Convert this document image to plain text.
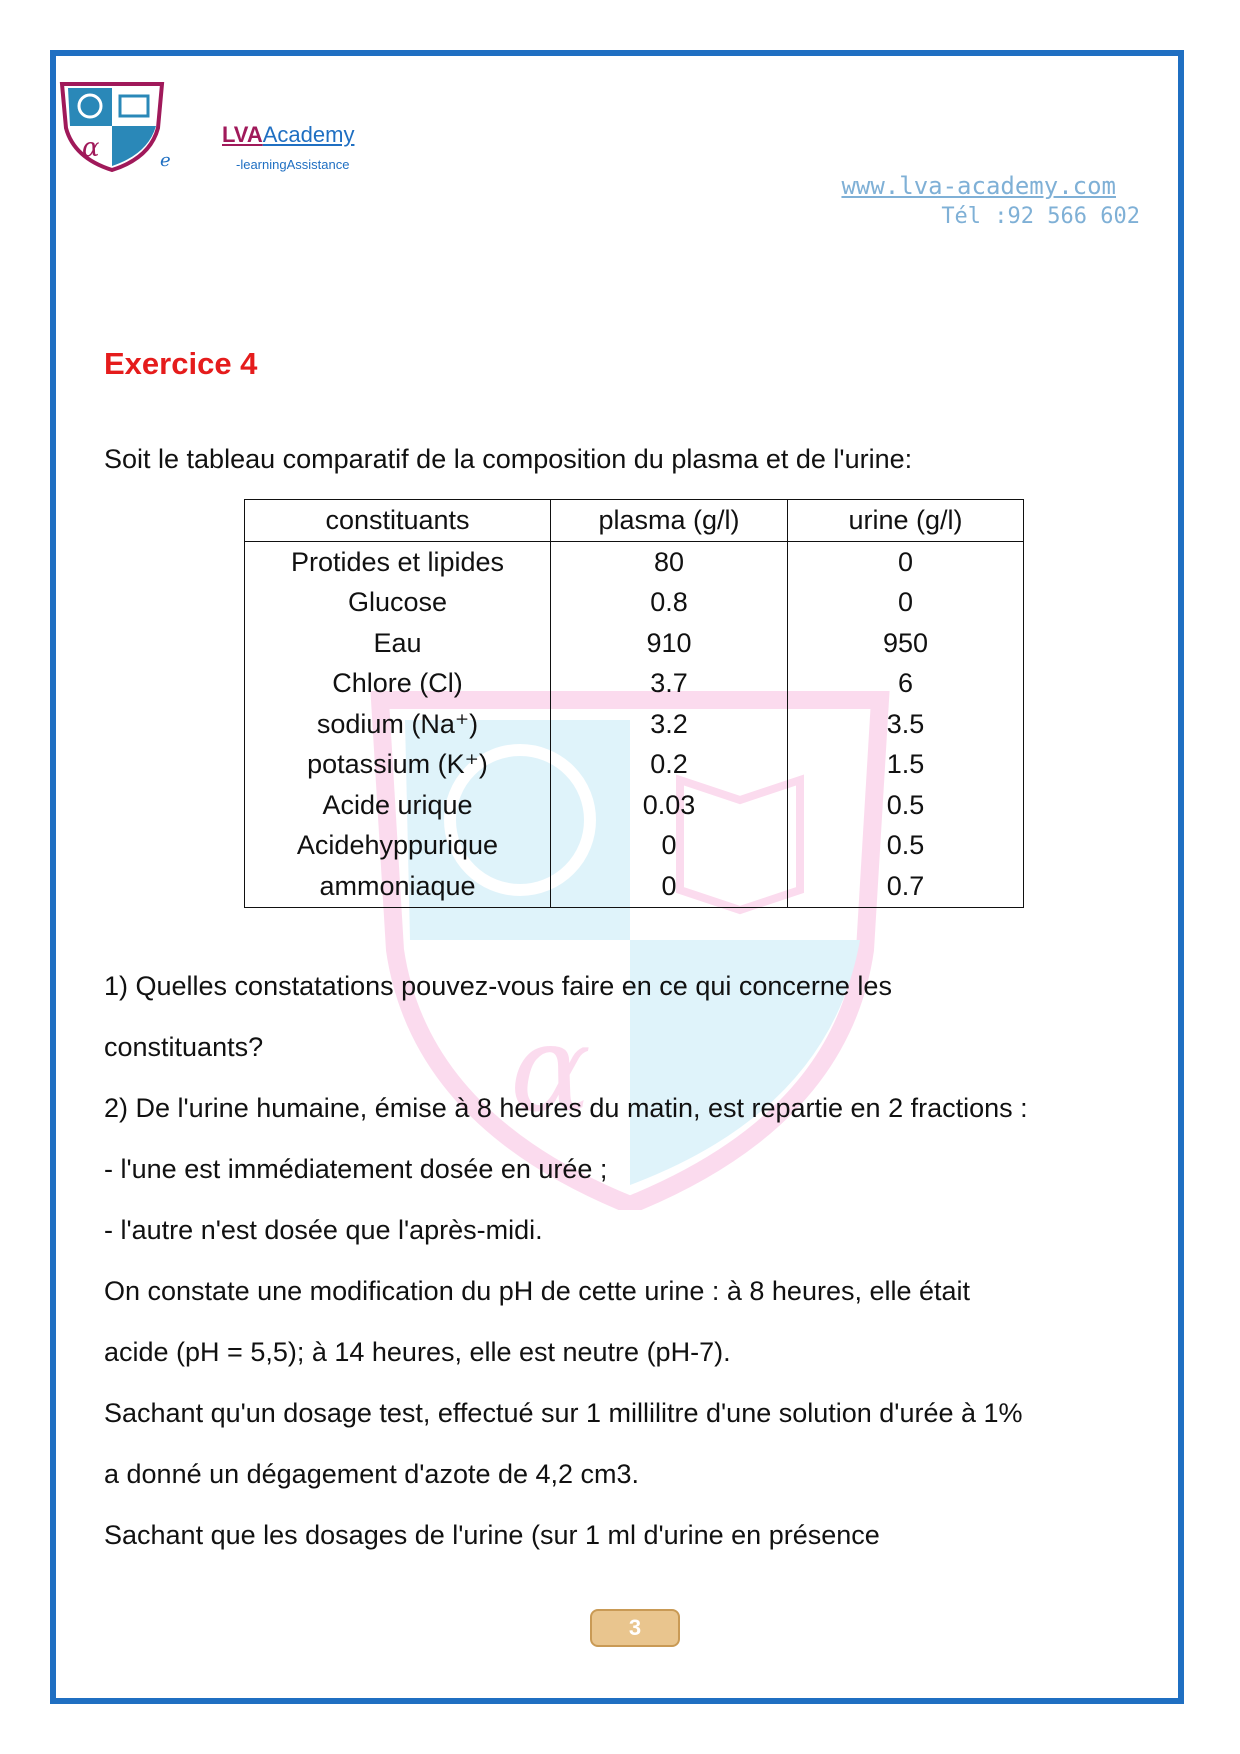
α
α	e
LVAAcademy
-learningAssistance
www.lva-academy.com
Tél :92 566 602
Exercice 4
Soit le tableau comparatif de la composition du plasma et de l'urine:
constituants	plasma (g/l)	urine (g/l)
Protides et lipides	80	0
Glucose	0.8	0
Eau	910	950
Chlore (Cl)	3.7	6
sodium (Na⁺)	3.2	3.5
potassium (K⁺)	0.2	1.5
Acide urique	0.03	0.5
Acidehyppurique	0	0.5
ammoniaque	0	0.7
1) Quelles constatations pouvez-vous faire en ce qui concerne les
constituants?
2) De l'urine humaine, émise à 8 heures du matin, est repartie en 2 fractions :
- l'une est immédiatement dosée en urée ;
- l'autre n'est dosée que l'après-midi.
On constate une modification du pH de cette urine : à 8 heures, elle était
acide (pH = 5,5); à 14 heures, elle est neutre (pH-7).
Sachant qu'un dosage test, effectué sur 1 millilitre d'une solution d'urée à 1%
a donné un dégagement d'azote de 4,2 cm3.
Sachant que les dosages de l'urine (sur 1 ml d'urine en présence
3
